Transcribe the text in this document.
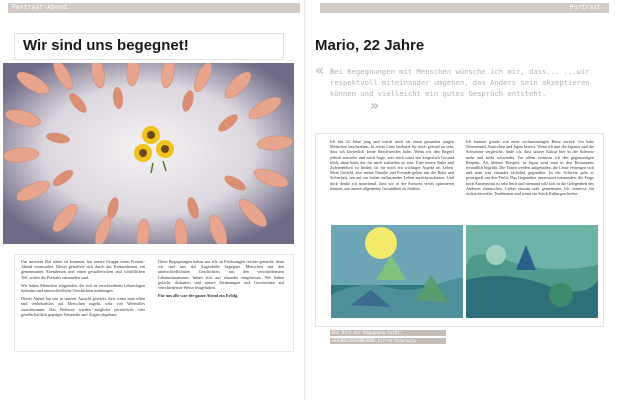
Portrait-Abend.
Wir sind uns begegnet!

Um unserem Ziel näher zu kommen, hat unsere Gruppe einen Portrait-Abend veranstaltet. Dieser gestaltete sich durch das Kennenlernen, ein gemeinsames Abendessen und einen gestalterischen und schriftlichen Teil, wobei die Portraits entstanden sind.

Wir haben Menschen eingeladen, die sich in verschiedenen Lebenslagen befinden und unterschiedliche Geschichten mitbringen.

Dieser Abend hat uns in unserer Ansicht gestärkt, dass wenn man offen und vorbehaltslos auf Menschen zugeht, sehr viel Wertvolles zurückkommt. Das Weiteren werden mögliche persönliche oder gesellschaftlich geprägte Vorurteile und Ängste abgebaut.

Diese Begegnungen haben uns alle an Erfahrungen reicher gemacht, denn wir sind uns auf Augenhöhe begegnet. Menschen mit den unterschiedlichsten Geschichten, mit den verschiedensten Lebenssituationen, haben sich auf einander eingelassen. Wir haben gelacht, diskutiert und unsere Erfahrungen und Geschichten auf verschiedenste Weise festgehalten.

Für uns alle war der ganze Abend ein Erfolg.

Portrait.
Mario, 22 Jahre
« Bei Begegnungen mit Menschen wünsche ich mir, dass... ...wir respektvoll miteinander umgehen, das Anders sein akzeptieren können und vielleicht ein gutes Gespräch entsteht.
»
Ich bin 22 Jahre jung und würde mich als einen gesunden jungen Menschen beschreiben. In erster Linie bedeutet für mich gesund zu sein, dass ich körperlich keine Beschwerden habe. Wenn ich den Begriff jedoch ausweite und mich frage, was mich sonst nur körperlich Gesund fühlt, dann heißt das für mich zufrieden zu sein. Eine innere Ruhe und Zufriedenheit zu finden, ist für mich ein wichtiger Aspekt im Leben. Mein Umfeld, also meine Familie und Freunde geben mir die Ruhe und Sicherheit, um auf ein bisher aufbauendes Leben zurückzuschauen. Und doch denke ich manchmal, dass wir in der Schweiz vieles optimieren können, um unsere allgemeine Gesundheit zu fördern.
Ich komme gerade von einer sechsmonatigen Reise zurück. Ich habe Neuseeland, Australien und Japan bereist. Wenn ich nun die Japaner und die Schweizer vergleiche, finde ich, dass unsere Kultur hier in der Schweiz mehr und mehr schwindet. Vor allem vermisse ich den gegenseitigen Respekt. Als kleines Beispiel, in Japan wird man in den Restaurants freundlich begrüßt. Die Tänen werden aufgehalten, die Leute verneigen sich und man tritt einander lächelnd gegenüber. In der Schweiz geht es prinzipiell um den Profit. Das Gegenüber interessiert niemanden, die Frage nach Anonymität ist sehr hoch und niemand will sich in die Gelegenheit des Anderen einmischen. Lieber einsam statt gemeinsam. Ich vermisse ein rücksichtsvolles Traditionen und somit ein Stück Kulturgeschichte.
Das Bild der Begegnung heißt:
GEFUEHLSERINNERUNG Alfred Kuderwitz
